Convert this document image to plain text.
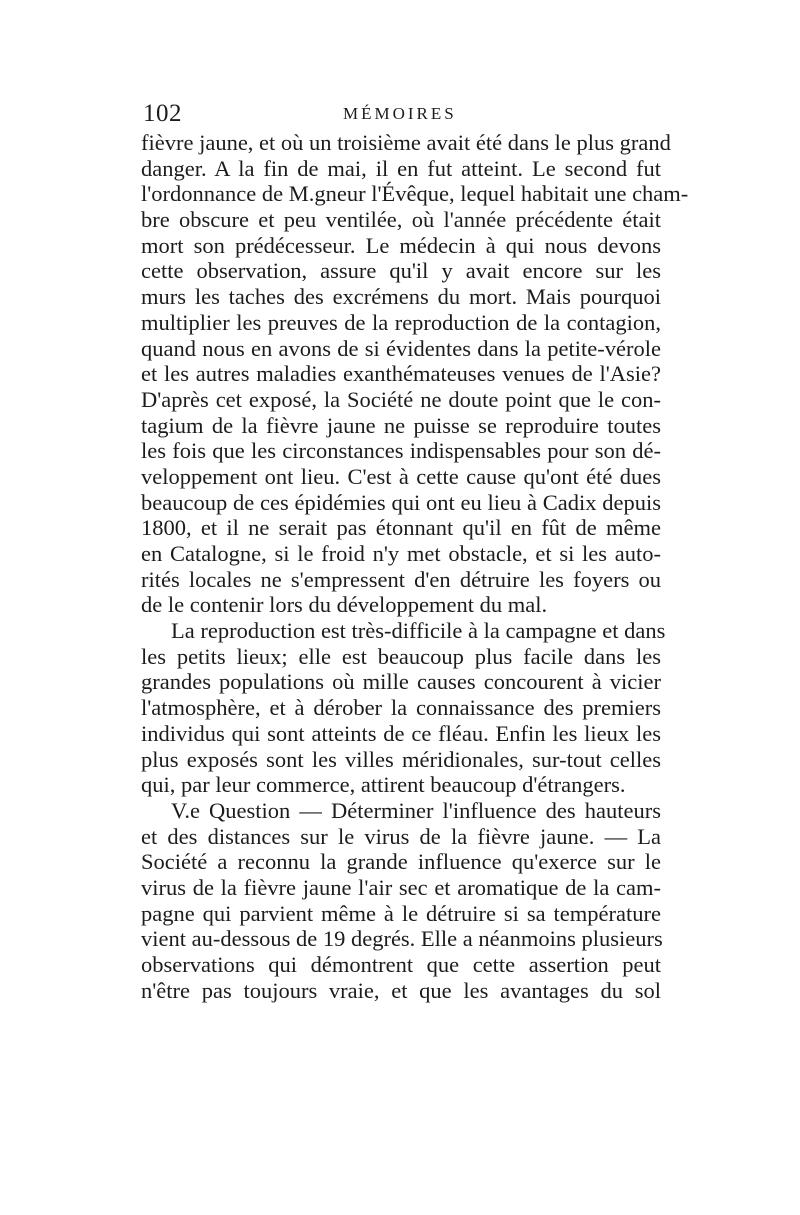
102	MÉMOIRES
fièvre jaune, et où un troisième avait été dans le plus grand
danger. A la fin de mai, il en fut atteint. Le second fut
l'ordonnance de M.gneur l'Évêque, lequel habitait une cham-
bre obscure et peu ventilée, où l'année précédente était
mort son prédécesseur. Le médecin à qui nous devons
cette observation, assure qu'il y avait encore sur les
murs les taches des excrémens du mort. Mais pourquoi
multiplier les preuves de la reproduction de la contagion,
quand nous en avons de si évidentes dans la petite-vérole
et les autres maladies exanthémateuses venues de l'Asie?
D'après cet exposé, la Société ne doute point que le con-
tagium de la fièvre jaune ne puisse se reproduire toutes
les fois que les circonstances indispensables pour son dé-
veloppement ont lieu. C'est à cette cause qu'ont été dues
beaucoup de ces épidémies qui ont eu lieu à Cadix depuis
1800, et il ne serait pas étonnant qu'il en fût de même
en Catalogne, si le froid n'y met obstacle, et si les auto-
rités locales ne s'empressent d'en détruire les foyers ou
de le contenir lors du développement du mal.
La reproduction est très-difficile à la campagne et dans
les petits lieux; elle est beaucoup plus facile dans les
grandes populations où mille causes concourent à vicier
l'atmosphère, et à dérober la connaissance des premiers
individus qui sont atteints de ce fléau. Enfin les lieux les
plus exposés sont les villes méridionales, sur-tout celles
qui, par leur commerce, attirent beaucoup d'étrangers.
V.e Question — Déterminer l'influence des hauteurs
et des distances sur le virus de la fièvre jaune. — La
Société a reconnu la grande influence qu'exerce sur le
virus de la fièvre jaune l'air sec et aromatique de la cam-
pagne qui parvient même à le détruire si sa température
vient au-dessous de 19 degrés. Elle a néanmoins plusieurs
observations qui démontrent que cette assertion peut
n'être pas toujours vraie, et que les avantages du sol
